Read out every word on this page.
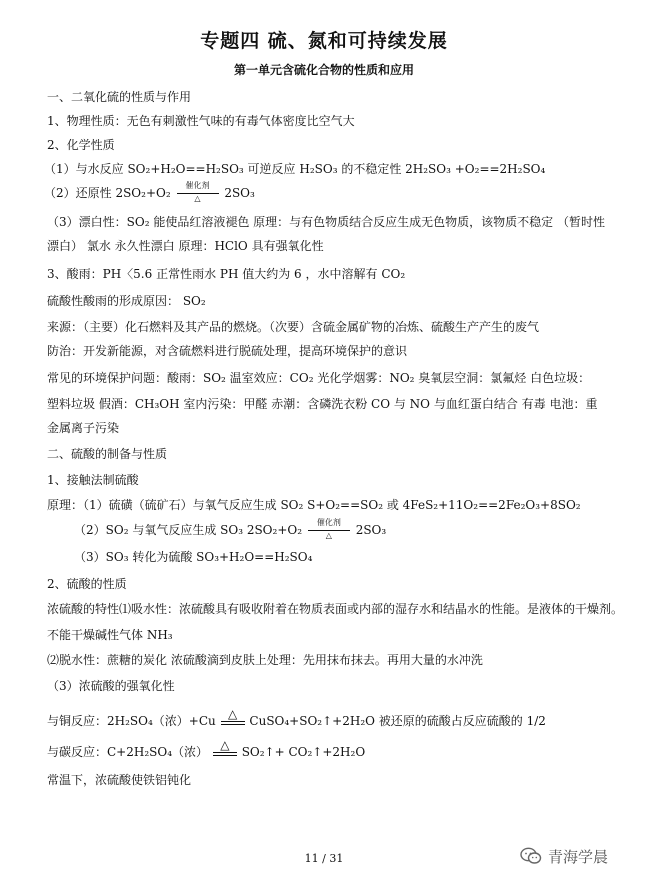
专题四 硫、氮和可持续发展
第一单元含硫化合物的性质和应用
一、二氧化硫的性质与作用
1、物理性质：无色有刺激性气味的有毒气体密度比空气大
2、化学性质
（1）与水反应 SO₂+H₂O==H₂SO₃ 可逆反应 H₂SO₃ 的不稳定性 2H₂SO₃ +O₂==2H₂SO₄
（2）还原性 2SO₂+O₂
催化剂
△	2SO₃
（3）漂白性：SO₂ 能使品红溶液褪色 原理：与有色物质结合反应生成无色物质，该物质不稳定 （暂时性
漂白） 氯水 永久性漂白 原理：HClO 具有强氧化性
3、酸雨：PH〈5.6 正常性雨水 PH 值大约为 6 ，水中溶解有 CO₂
硫酸性酸雨的形成原因： SO₂
来源：（主要）化石燃料及其产品的燃烧。（次要）含硫金属矿物的冶炼、硫酸生产产生的废气
防治：开发新能源，对含硫燃料进行脱硫处理，提高环境保护的意识
常见的环境保护问题：酸雨：SO₂ 温室效应：CO₂ 光化学烟雾：NO₂ 臭氧层空洞：氯氟烃 白色垃圾：
塑料垃圾 假酒：CH₃OH 室内污染：甲醛 赤潮：含磷洗衣粉 CO 与 NO 与血红蛋白结合 有毒 电池：重
金属离子污染
二、硫酸的制备与性质
1、接触法制硫酸
原理：（1）硫磺（硫矿石）与氧气反应生成 SO₂ S+O₂==SO₂ 或 4FeS₂+11O₂==2Fe₂O₃+8SO₂
（2）SO₂ 与氧气反应生成 SO₃ 2SO₂+O₂
催化剂
△	2SO₃
（3）SO₃ 转化为硫酸 SO₃+H₂O==H₂SO₄
2、硫酸的性质
浓硫酸的特性⑴吸水性：浓硫酸具有吸收附着在物质表面或内部的湿存水和结晶水的性能。是液体的干燥剂。
不能干燥碱性气体 NH₃
⑵脱水性：蔗糖的炭化 浓硫酸滴到皮肤上处理：先用抹布抹去。再用大量的水冲洗
（3）浓硫酸的强氧化性
与铜反应：2H₂SO₄（浓）+Cu
△
CuSO₄+SO₂↑+2H₂O 被还原的硫酸占反应硫酸的 1/2
与碳反应：C+2H₂SO₄（浓）
△
SO₂↑+ CO₂↑+2H₂O
常温下，浓硫酸使铁铝钝化
11 / 31	青海学晨
